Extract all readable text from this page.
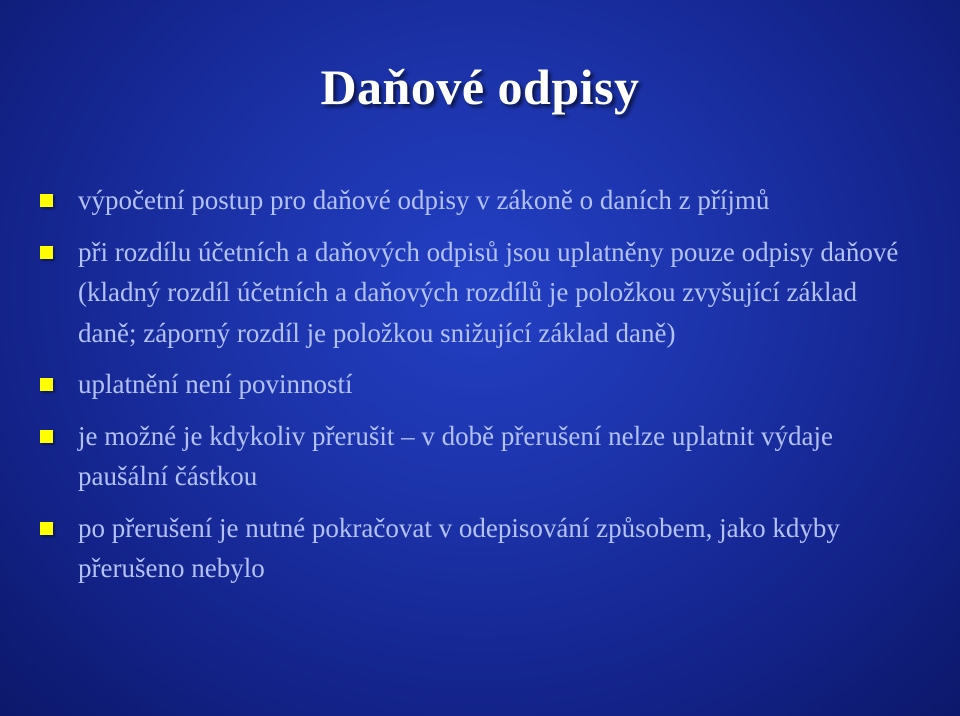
Daňové odpisy
výpočetní postup pro daňové odpisy v zákoně o daních z příjmů
při rozdílu účetních a daňových odpisů jsou uplatněny pouze odpisy daňové (kladný rozdíl účetních a daňových rozdílů je položkou zvyšující základ daně; záporný rozdíl je položkou snižující základ daně)
uplatnění není povinností
je možné je kdykoliv přerušit – v době přerušení nelze uplatnit výdaje paušální částkou
po přerušení je nutné pokračovat v odepisování způsobem, jako kdyby přerušeno nebylo
